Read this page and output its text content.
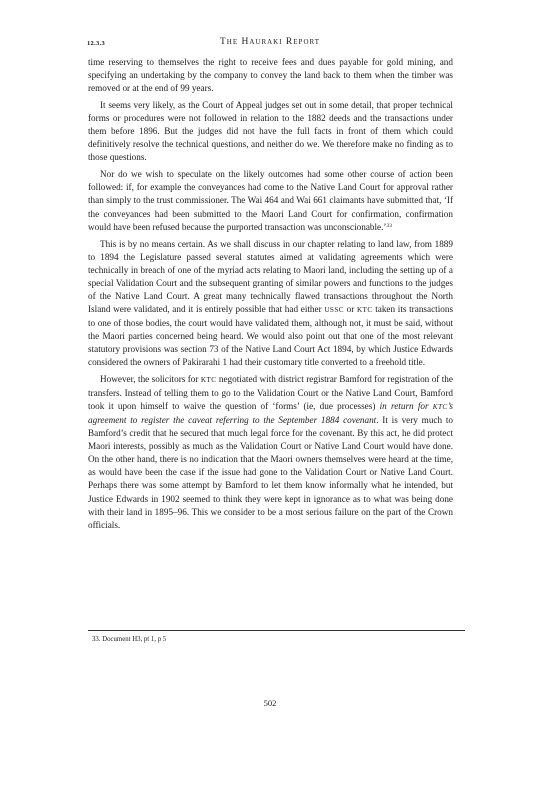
12.3.3	The Hauraki Report

time reserving to themselves the right to receive fees and dues payable for gold mining, and specifying an undertaking by the company to convey the land back to them when the timber was removed or at the end of 99 years.

It seems very likely, as the Court of Appeal judges set out in some detail, that proper technical forms or procedures were not followed in relation to the 1882 deeds and the transactions under them before 1896. But the judges did not have the full facts in front of them which could definitively resolve the technical questions, and neither do we. We therefore make no finding as to those questions.

Nor do we wish to speculate on the likely outcomes had some other course of action been followed: if, for example the conveyances had come to the Native Land Court for approval rather than simply to the trust commissioner. The Wai 464 and Wai 661 claimants have submitted that, ‘If the conveyances had been submitted to the Maori Land Court for confirmation, confirmation would have been refused because the purported transaction was unconscionable.’$^{33}$

This is by no means certain. As we shall discuss in our chapter relating to land law, from 1889 to 1894 the Legislature passed several statutes aimed at validating agreements which were technically in breach of one of the myriad acts relating to Maori land, including the setting up of a special Validation Court and the subsequent granting of similar powers and functions to the judges of the Native Land Court. A great many technically flawed transactions throughout the North Island were validated, and it is entirely possible that had either USSC or KTC taken its transactions to one of those bodies, the court would have validated them, although not, it must be said, without the Maori parties concerned being heard. We would also point out that one of the most relevant statutory provisions was section 73 of the Native Land Court Act 1894, by which Justice Edwards considered the owners of Pakirarahi 1 had their customary title converted to a freehold title.

However, the solicitors for KTC negotiated with district registrar Bamford for registration of the transfers. Instead of telling them to go to the Validation Court or the Native Land Court, Bamford took it upon himself to waive the question of ‘forms’ (ie, due processes) in return for KTC’s agreement to register the caveat referring to the September 1884 covenant. It is very much to Bamford’s credit that he secured that much legal force for the covenant. By this act, he did protect Maori interests, possibly as much as the Validation Court or Native Land Court would have done. On the other hand, there is no indication that the Maori owners themselves were heard at the time, as would have been the case if the issue had gone to the Validation Court or Native Land Court. Perhaps there was some attempt by Bamford to let them know informally what he intended, but Justice Edwards in 1902 seemed to think they were kept in ignorance as to what was being done with their land in 1895–96. This we consider to be a most serious failure on the part of the Crown officials.

33. Document H3, pt 1, p 5
502
